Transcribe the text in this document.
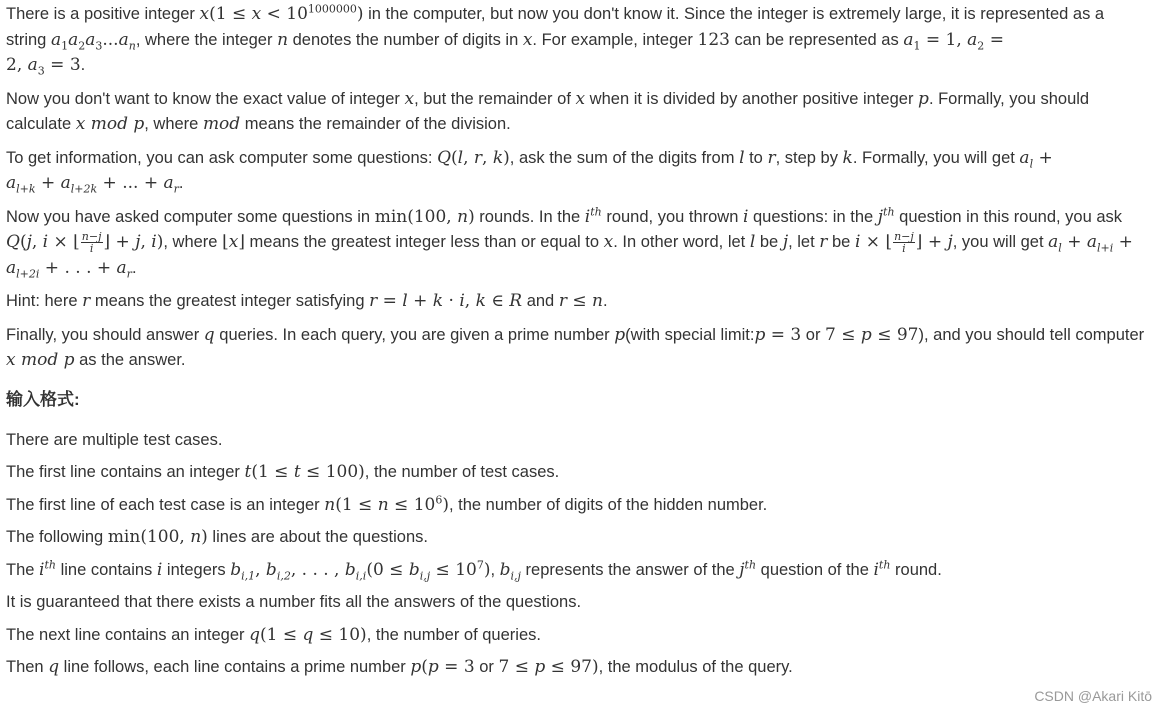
There is a positive integer $x(1 \le x < 10^{1000000})$ in the computer, but now you don't know it. Since the integer is extremely large, it is represented as a string $a_1a_2a_3...a_n$, where the integer n denotes the number of digits in x. For example, integer 123 can be represented as $a_1 = 1$, $a_2$ =
2, $a_3 = 3$.

Now you don't want to know the exact value of integer x, but the remainder of x when it is divided by another positive integer p. Formally, you should calculate x mod p, where mod means the remainder of the division.

To get information, you can ask computer some questions: Q(l, r, k), ask the sum of the digits from l to r, step by k. Formally, you will get $a_l$ +
$a_{l+k} + a_{l+2k}$ + ... + $a_r$.

Now you have asked computer some questions in min(100, n) rounds. In the $i^{th}$ round, you thrown i questions: in the $j^{th}$ question in this round, you ask Q(j, i × ⌊ $\frac{n-j}{i}$ ⌋ + j, i), where ⌊x⌋ means the greatest integer less than or equal to x. In other word, let l be j, let r be i × ⌊ $\frac{n-j}{i}$ ⌋ + j, you will get $a_l + a_{l+i} + a_{l+2i}$ + . . . + $a_r$.

Hint: here r means the greatest integer satisfying r = l + k · i, k ∈ R and r ≤ n.

Finally, you should answer q queries. In each query, you are given a prime number p(with special limit:p = 3 or 7 ≤ p ≤ 97), and you should tell computer x mod p as the answer.

输入格式:

There are multiple test cases.

The first line contains an integer t(1 ≤ t ≤ 100), the number of test cases.

The first line of each test case is an integer $n(1 \le n \le 10^6)$, the number of digits of the hidden number.

The following min(100, n) lines are about the questions.

The $i^{th}$ line contains i integers $b_{i,1}$, $b_{i,2}$, . . . , $b_{i,i}(0 \le b_{i,j} \le 10^7)$, $b_{i,j}$ represents the answer of the $j^{th}$ question of the $i^{th}$ round.

It is guaranteed that there exists a number fits all the answers of the questions.

The next line contains an integer q(1 ≤ q ≤ 10), the number of queries.

Then q line follows, each line contains a prime number p(p = 3 or 7 ≤ p ≤ 97), the modulus of the query.

CSDN @Akari Kitō
